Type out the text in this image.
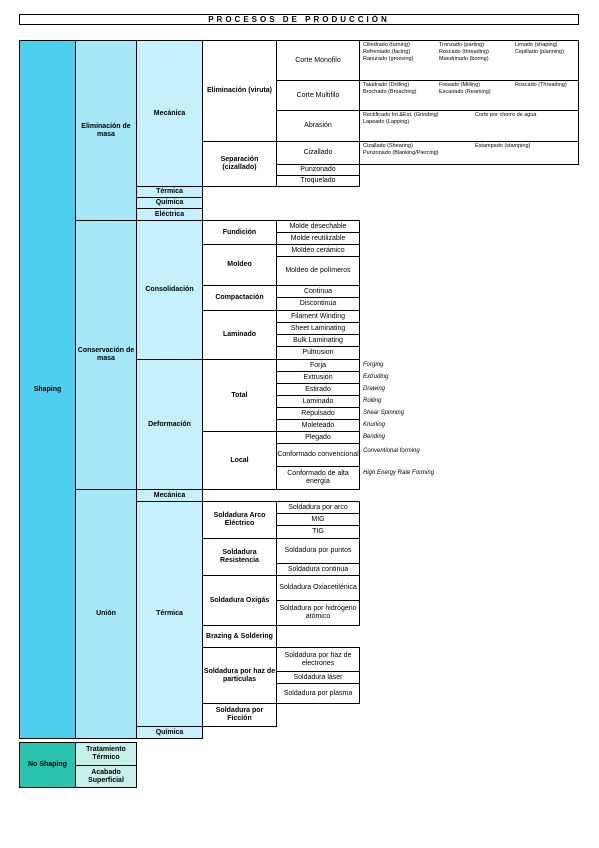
PROCESOS DE PRODUCCIÓN
Shaping
Eliminación de masa
Conservación de masa
Unión
Mecánica
Térmica
Química
Eléctrica
Eliminación (viruta)
Separación (cizallado)
Corte Monofilo
Corte Multifilo
Abrasión
Cizallado
Punzonado
Troquelado
Cilindrado (turning)
Refrentado (facing)
Ranurado (grooving)
Tronzado (parting)
Roscado (threading)
Mandrinado (boring)
Limado (shaping)
Cepillado (planning)
Taladrado (Drilling)
Brochado (Broaching)
Fresado (Milling)
Escariado (Reaming)
Roscado (Threading)
Rectificado Int.&Ext. (Grinding)
Lapeado (Lapping)
Corte por chorro de agua
Cizallado (Shearing)
Punzonado (Blanking/Piercing)
Estampado (stamping)
Consolidación
Deformación
Fundición
Moldeo
Compactación
Laminado
Total
Local
Molde desechable
Molde reutilizable
Moldeo cerámico
Moldeo de polímeros
Continua
Discontinua
Filament Winding
Sheet Laminating
Bulk Laminating
Pultrusion
Forja
Extrusión
Estirado
Laminado
Repulsado
Moleteado
Plegado
Conformado convencional
Conformado de alta energía
Forging
Extruding
Drawing
Rolling
Shear Spinning
Knurling
Bending
Conventional forming
High Energy Rate Forming
Mecánica
Térmica
Química
Soldadura Arco Eléctrico
Soldadura Resistencia
Soldadura Oxigás
Brazing & Soldering
Soldadura por haz de partículas
Soldadura por Ficción
Soldadura por arco
MIG
TIG
Soldadura por puntos
Soldadura continua
Soldadura Oxiacetilénica
Soldadura por hidrógeno atómico
Soldadura por haz de electrones
Soldadura láser
Soldadura por plasma
No Shaping
Tratamiento Térmico
Acabado Superficial
